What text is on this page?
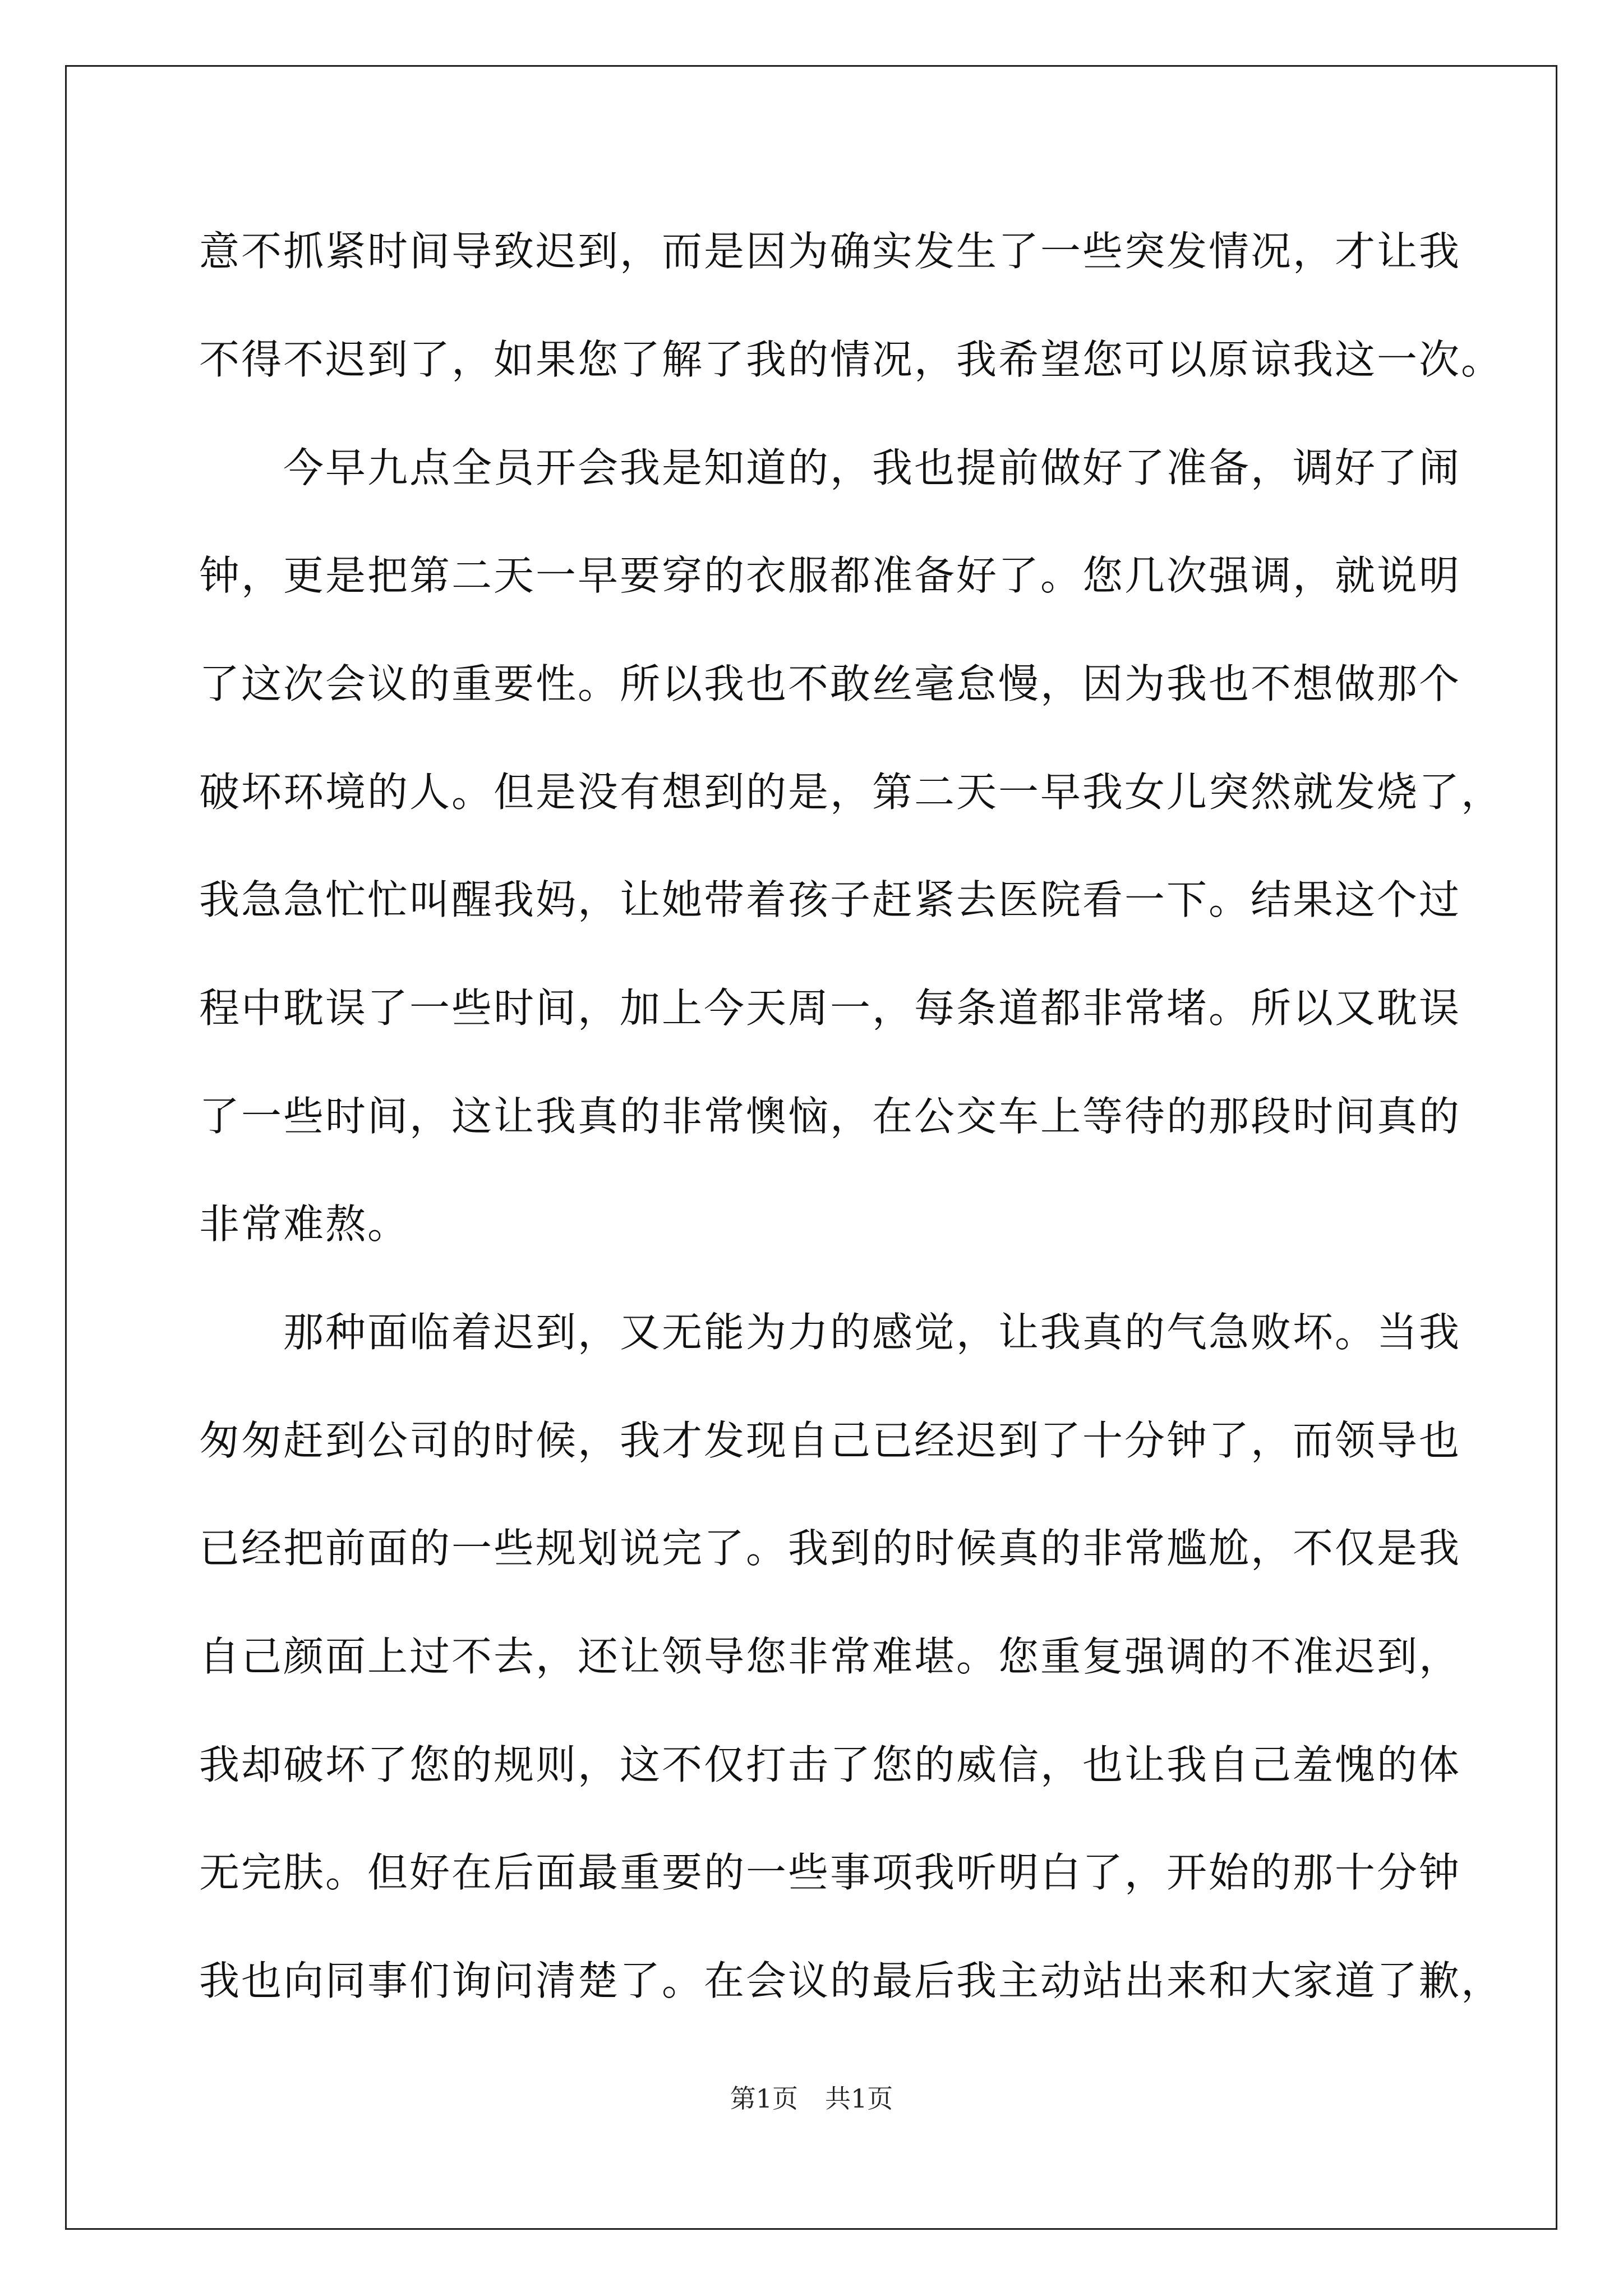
意不抓紧时间导致迟到，而是因为确实发生了一些突发情况，才让我
不得不迟到了，如果您了解了我的情况，我希望您可以原谅我这一次。
　　今早九点全员开会我是知道的，我也提前做好了准备，调好了闹
钟，更是把第二天一早要穿的衣服都准备好了。您几次强调，就说明
了这次会议的重要性。所以我也不敢丝毫怠慢，因为我也不想做那个
破坏环境的人。但是没有想到的是，第二天一早我女儿突然就发烧了，
我急急忙忙叫醒我妈，让她带着孩子赶紧去医院看一下。结果这个过
程中耽误了一些时间，加上今天周一，每条道都非常堵。所以又耽误
了一些时间，这让我真的非常懊恼，在公交车上等待的那段时间真的
非常难熬。
　　那种面临着迟到，又无能为力的感觉，让我真的气急败坏。当我
匆匆赶到公司的时候，我才发现自己已经迟到了十分钟了，而领导也
已经把前面的一些规划说完了。我到的时候真的非常尴尬，不仅是我
自己颜面上过不去，还让领导您非常难堪。您重复强调的不准迟到，
我却破坏了您的规则，这不仅打击了您的威信，也让我自己羞愧的体
无完肤。但好在后面最重要的一些事项我听明白了，开始的那十分钟
我也向同事们询问清楚了。在会议的最后我主动站出来和大家道了歉，
第1页 共1页
